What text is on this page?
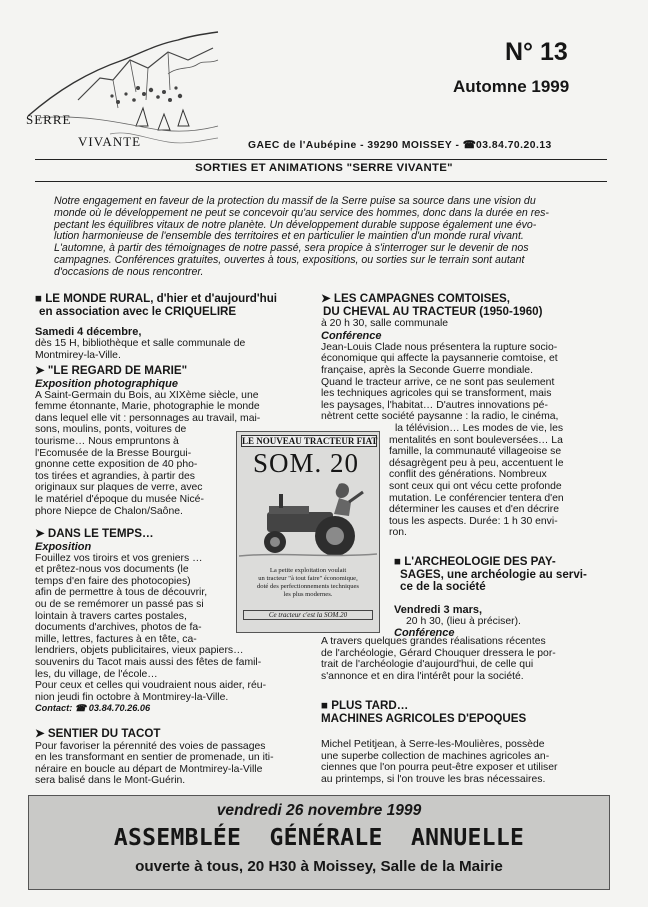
SERRE
VIVANTE
N° 13
Automne 1999
GAEC de l'Aubépine - 39290 MOISSEY - ☎03.84.70.20.13
SORTIES ET ANIMATIONS "SERRE VIVANTE"
Notre engagement en faveur de la protection du massif de la Serre puise sa source dans une vision du
monde où le développement ne peut se concevoir qu'au service des hommes, donc dans la durée en res-
pectant les équilibres vitaux de notre planète. Un développement durable suppose également une évo-
lution harmonieuse de l'ensemble des territoires et en particulier le maintien d'un monde rural vivant.
L'automne, à partir des témoignages de notre passé, sera propice à s'interroger sur le devenir de nos
campagnes. Conférences gratuites, ouvertes à tous, expositions, ou sorties sur le terrain sont autant
d'occasions de nous rencontrer.
■ LE MONDE RURAL, d'hier et d'aujourd'hui
en association avec le CRIQUELIRE
Samedi 4 décembre,
dès 15 H, bibliothèque et salle communale de
Montmirey-la-Ville.
➤ "LE REGARD DE MARIE"
Exposition photographique
A Saint-Germain du Bois, au XIXème siècle, une
femme étonnante, Marie, photographie le monde
dans lequel elle vit : personnages au travail, mai-
sons, moulins, ponts, voitures de
tourisme… Nous empruntons à
l'Ecomusée de la Bresse Bourgui-
gnonne cette exposition de 40 pho-
tos tirées et agrandies, à partir des
originaux sur plaques de verre, avec
le matériel d'époque du musée Nicé-
phore Niepce de Chalon/Saône.
➤ DANS LE TEMPS…
Exposition
Fouillez vos tiroirs et vos greniers …
et prêtez-nous vos documents (le
temps d'en faire des photocopies)
afin de permettre à tous de découvrir,
ou de se remémorer un passé pas si
lointain à travers cartes postales,
documents d'archives, photos de fa-
mille, lettres, factures à en tête, ca-
lendriers, objets publicitaires, vieux papiers…
souvenirs du Tacot mais aussi des fêtes de famil-
les, du village, de l'école…
Pour ceux et celles qui voudraient nous aider, réu-
nion jeudi fin octobre à Montmirey-la-Ville.
Contact: ☎ 03.84.70.26.06
➤ SENTIER DU TACOT
Pour favoriser la pérennité des voies de passages
en les transformant en sentier de promenade, un iti-
néraire en boucle au départ de Montmirey-la-Ville
sera balisé dans le Mont-Guérin.
LE NOUVEAU TRACTEUR FIAT
SOM. 20
La petite exploitation voulait
un tracteur "à tout faire" économique,
doté des perfectionnements techniques
les plus modernes.
Ce tracteur c'est la SOM.20
➤ LES CAMPAGNES COMTOISES,
DU CHEVAL AU TRACTEUR (1950-1960)
à 20 h 30, salle communale
Conférence
Jean-Louis Clade nous présentera la rupture socio-
économique qui affecte la paysannerie comtoise, et
française, après la Seconde Guerre mondiale.
Quand le tracteur arrive, ce ne sont pas seulement
les techniques agricoles qui se transforment, mais
les paysages, l'habitat… D'autres innovations pé-
nètrent cette société paysanne : la radio, le cinéma,
la télévision… Les modes de vie, les
mentalités en sont bouleversées… La
famille, la communauté villageoise se
désagrègent peu à peu, accentuent le
conflit des générations. Nombreux
sont ceux qui ont vécu cette profonde
mutation. Le conférencier tentera d'en
déterminer les causes et d'en décrire
tous les aspects. Durée: 1 h 30 envi-
ron.
■ L'ARCHEOLOGIE DES PAY-
SAGES, une archéologie au servi-
ce de la société
Vendredi 3 mars,
20 h 30, (lieu à préciser).
Conférence
A travers quelques grandes réalisations récentes
de l'archéologie, Gérard Chouquer dressera le por-
trait de l'archéologie d'aujourd'hui, de celle qui
s'annonce et en dira l'intérêt pour la société.
■ PLUS TARD…
MACHINES AGRICOLES D'EPOQUES
Michel Petitjean, à Serre-les-Moulières, possède
une superbe collection de machines agricoles an-
ciennes que l'on pourra peut-être exposer et utiliser
au printemps, si l'on trouve les bras nécessaires.
vendredi 26 novembre 1999
ASSEMBLÉE  GÉNÉRALE  ANNUELLE
ouverte à tous, 20 H30 à Moissey, Salle de la Mairie
